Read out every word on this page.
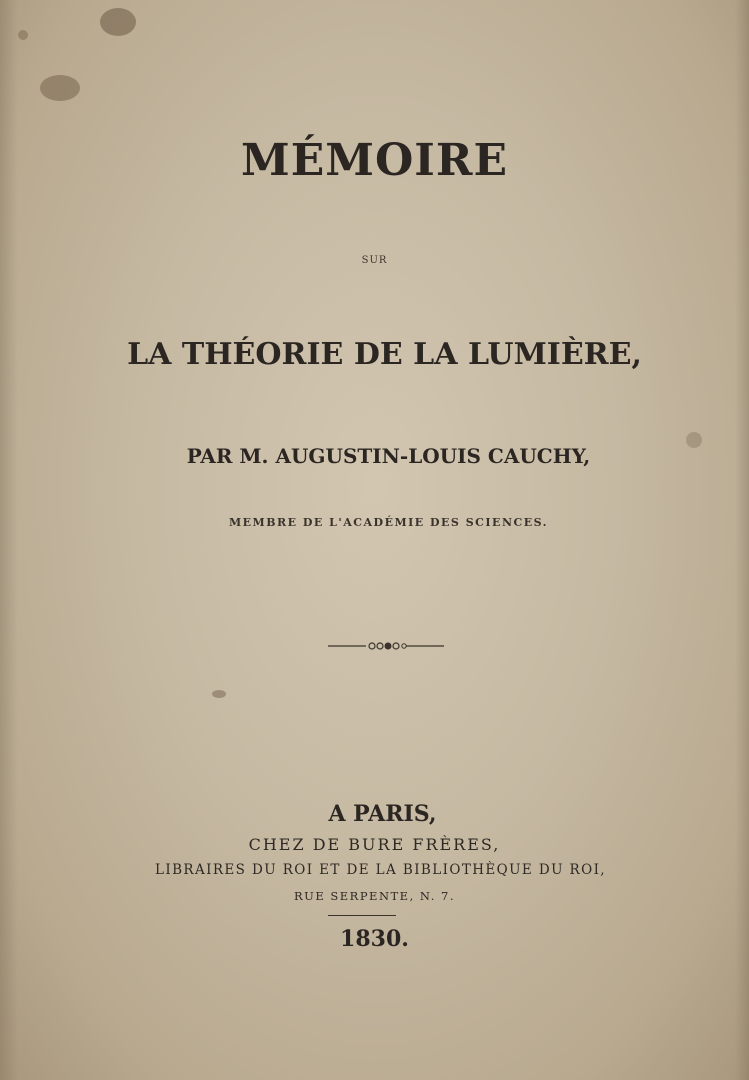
MÉMOIRE
SUR
LA THÉORIE DE LA LUMIÈRE,
PAR M. AUGUSTIN-LOUIS CAUCHY,
MEMBRE DE L'ACADÉMIE DES SCIENCES.
A PARIS,
CHEZ DE BURE FRÈRES,
LIBRAIRES DU ROI ET DE LA BIBLIOTHÈQUE DU ROI,
RUE SERPENTE, N. 7.
1830.
